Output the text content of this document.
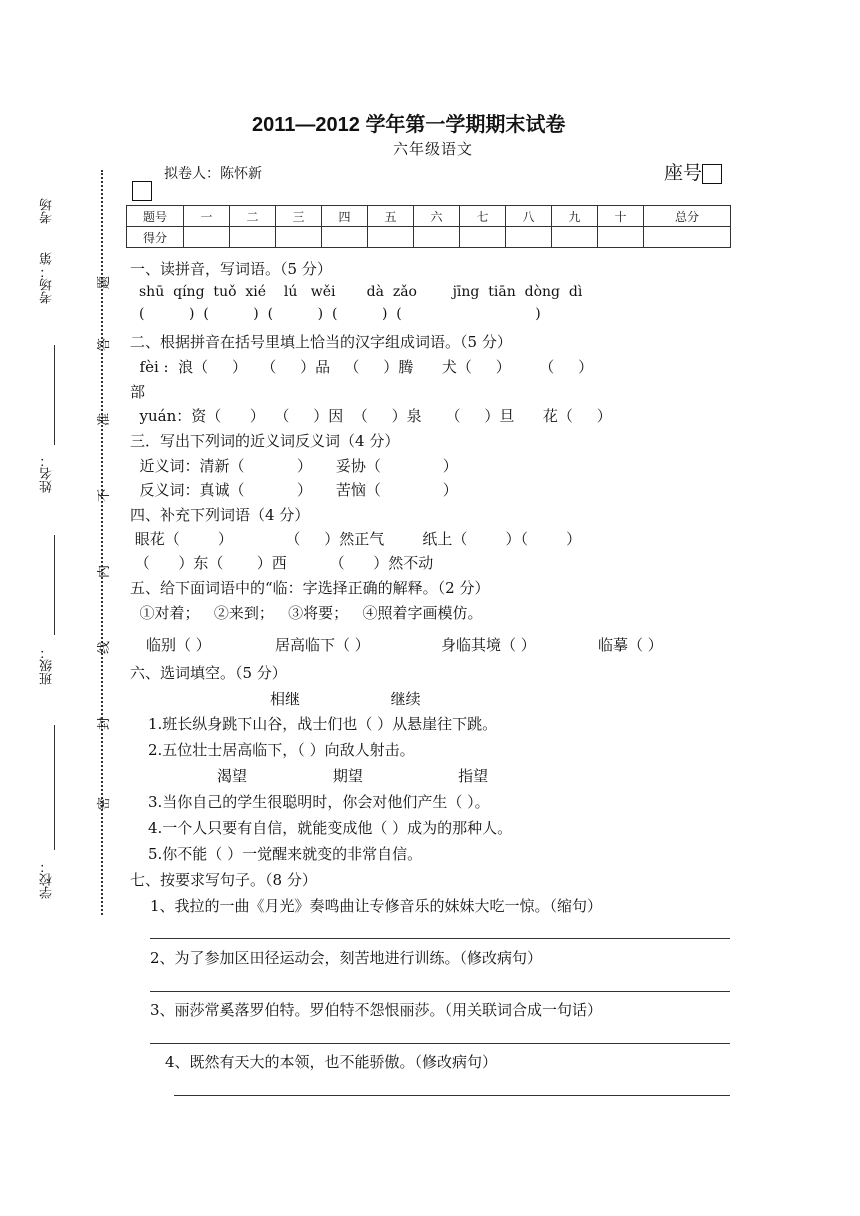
2011—2012 学年第一学期期末试卷
六年级语文
拟卷人：陈怀新	座号
考场
考场：第
姓名：
班级：
学校：
题
答
准
不
内
线
封
密
题号	一	二	三	四	五	六	七	八	九	十	总分
得分											
一、读拼音，写词语。（5 分）
shū  qíng  tuǒ  xié    lú   wěi       dà  zǎo        jīng  tiān  dòng  dì
(          )  (          )  (          )  (          )  (                              )
二、根据拼音在括号里填上恰当的汉字组成词语。（5 分）
fèi :  浪（     ）   （     ）品   （     ）腾      犬（     ）      （     ）
部
yuán：资（      ）  （     ）因  （     ）泉     （     ）旦      花（     ）
三．写出下列词的近义词反义词（4 分）
近义词：清新（           ）     妥协（             ）
反义词：真诚（           ）     苦恼（             ）
四、补充下列词语（4 分）
眼花（        ）           （     ）然正气        纸上（        ）（        ）
（      ）东（       ）西         （      ）然不动
五、给下面词语中的“临：字选择正确的解释。（2 分）
①对着；   ②来到；   ③将要；   ④照着字画模仿。
临别（ ）	居高临下（ ）	身临其境（ ）	临摹（ ）
六、选词填空。（5 分）
相继                   继续
1.班长纵身跳下山谷，战士们也（ ）从悬崖往下跳。
2.五位壮士居高临下，（ ）向敌人射击。
渴望                  期望                    指望
3.当你自己的学生很聪明时，你会对他们产生（ ）。
4.一个人只要有自信，就能变成他（ ）成为的那种人。
5.你不能（ ）一觉醒来就变的非常自信。
七、按要求写句子。（8 分）
1、我拉的一曲《月光》奏鸣曲让专修音乐的妹妹大吃一惊。（缩句）
2、为了参加区田径运动会，刻苦地进行训练。（修改病句）
3、丽莎常奚落罗伯特。罗伯特不怨恨丽莎。（用关联词合成一句话）
4、既然有天大的本领，也不能骄傲。（修改病句）
